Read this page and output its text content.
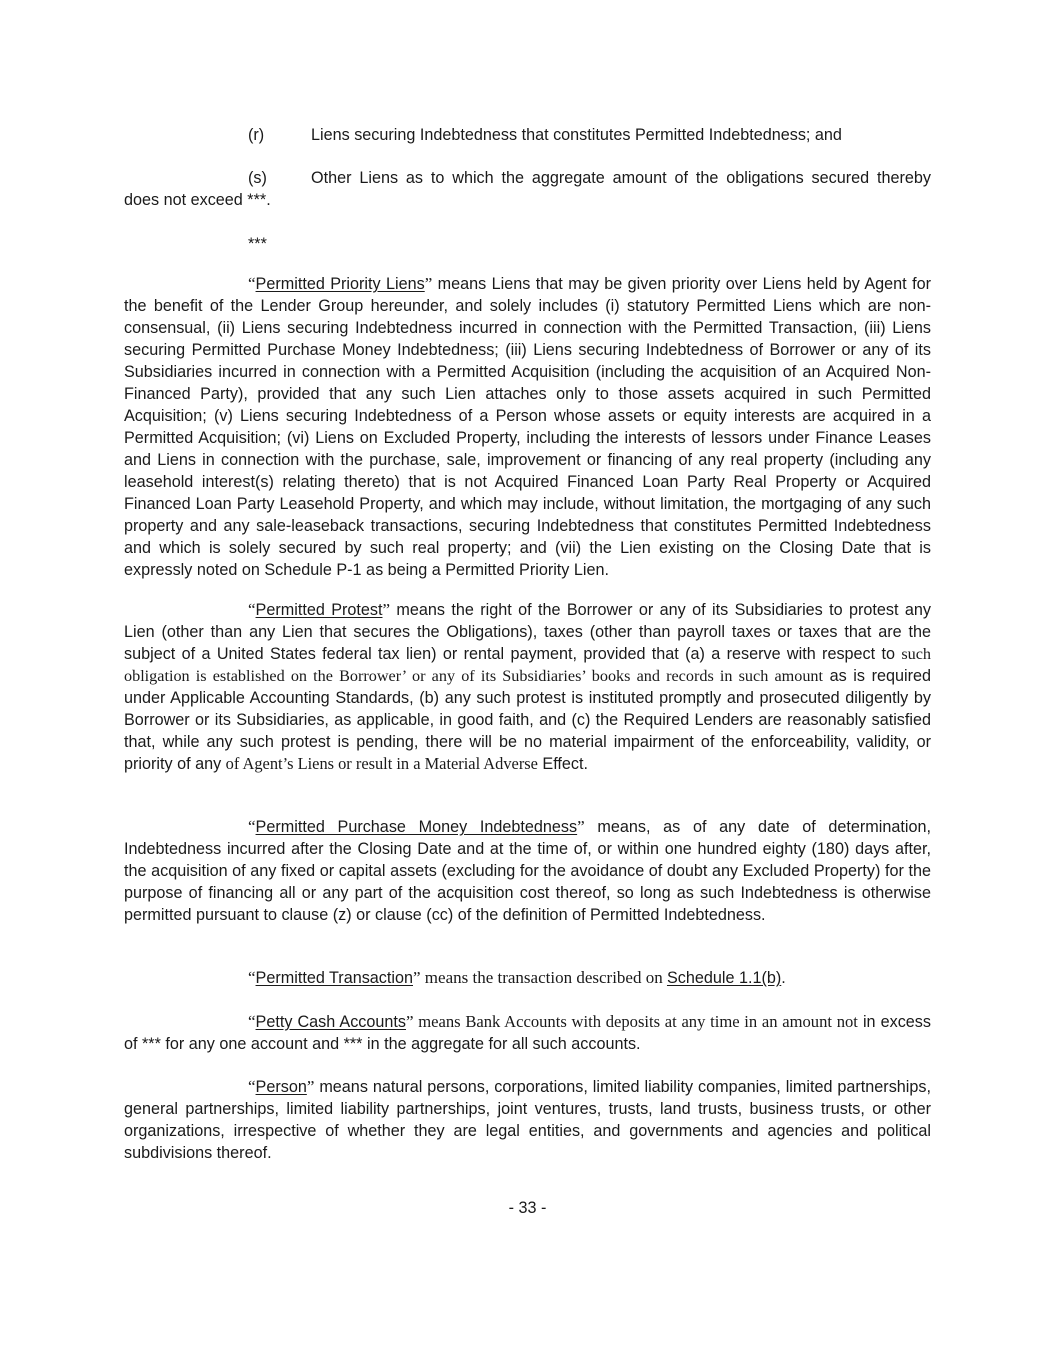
(r)	Liens securing Indebtedness that constitutes Permitted Indebtedness; and
(s)	Other Liens as to which the aggregate amount of the obligations secured thereby
does not exceed ***.
***
“Permitted Priority Liens” means Liens that may be given priority over Liens held by Agent for the benefit of the Lender Group hereunder, and solely includes (i) statutory Permitted Liens which are non-consensual, (ii) Liens securing Indebtedness incurred in connection with the Permitted Transaction, (iii) Liens securing Permitted Purchase Money Indebtedness; (iii) Liens securing Indebtedness of Borrower or any of its Subsidiaries incurred in connection with a Permitted Acquisition (including the acquisition of an Acquired Non-Financed Party), provided that any such Lien attaches only to those assets acquired in such Permitted Acquisition; (v) Liens securing Indebtedness of a Person whose assets or equity interests are acquired in a Permitted Acquisition; (vi) Liens on Excluded Property, including the interests of lessors under Finance Leases and Liens in connection with the purchase, sale, improvement or financing of any real property (including any leasehold interest(s) relating thereto) that is not Acquired Financed Loan Party Real Property or Acquired Financed Loan Party Leasehold Property, and which may include, without limitation, the mortgaging of any such property and any sale-leaseback transactions, securing Indebtedness that constitutes Permitted Indebtedness and which is solely secured by such real property; and (vii) the Lien existing on the Closing Date that is expressly noted on Schedule P-1 as being a Permitted Priority Lien.
“Permitted Protest” means the right of the Borrower or any of its Subsidiaries to protest any Lien (other than any Lien that secures the Obligations), taxes (other than payroll taxes or taxes that are the subject of a United States federal tax lien) or rental payment, provided that (a) a reserve with respect to such obligation is established on the Borrower’ or any of its Subsidiaries’ books and records in such amount as is required under Applicable Accounting Standards, (b) any such protest is instituted promptly and prosecuted diligently by Borrower or its Subsidiaries, as applicable, in good faith, and (c) the Required Lenders are reasonably satisfied that, while any such protest is pending, there will be no material impairment of the enforceability, validity, or priority of any of Agent’s Liens or result in a Material Adverse Effect.
“Permitted Purchase Money Indebtedness” means, as of any date of determination, Indebtedness incurred after the Closing Date and at the time of, or within one hundred eighty (180) days after, the acquisition of any fixed or capital assets (excluding for the avoidance of doubt any Excluded Property) for the purpose of financing all or any part of the acquisition cost thereof, so long as such Indebtedness is otherwise permitted pursuant to clause (z) or clause (cc) of the definition of Permitted Indebtedness.
“Permitted Transaction” means the transaction described on Schedule 1.1(b).
“Petty Cash Accounts” means Bank Accounts with deposits at any time in an amount not in excess of *** for any one account and *** in the aggregate for all such accounts.
“Person” means natural persons, corporations, limited liability companies, limited partnerships, general partnerships, limited liability partnerships, joint ventures, trusts, land trusts, business trusts, or other organizations, irrespective of whether they are legal entities, and governments and agencies and political subdivisions thereof.
- 33 -
